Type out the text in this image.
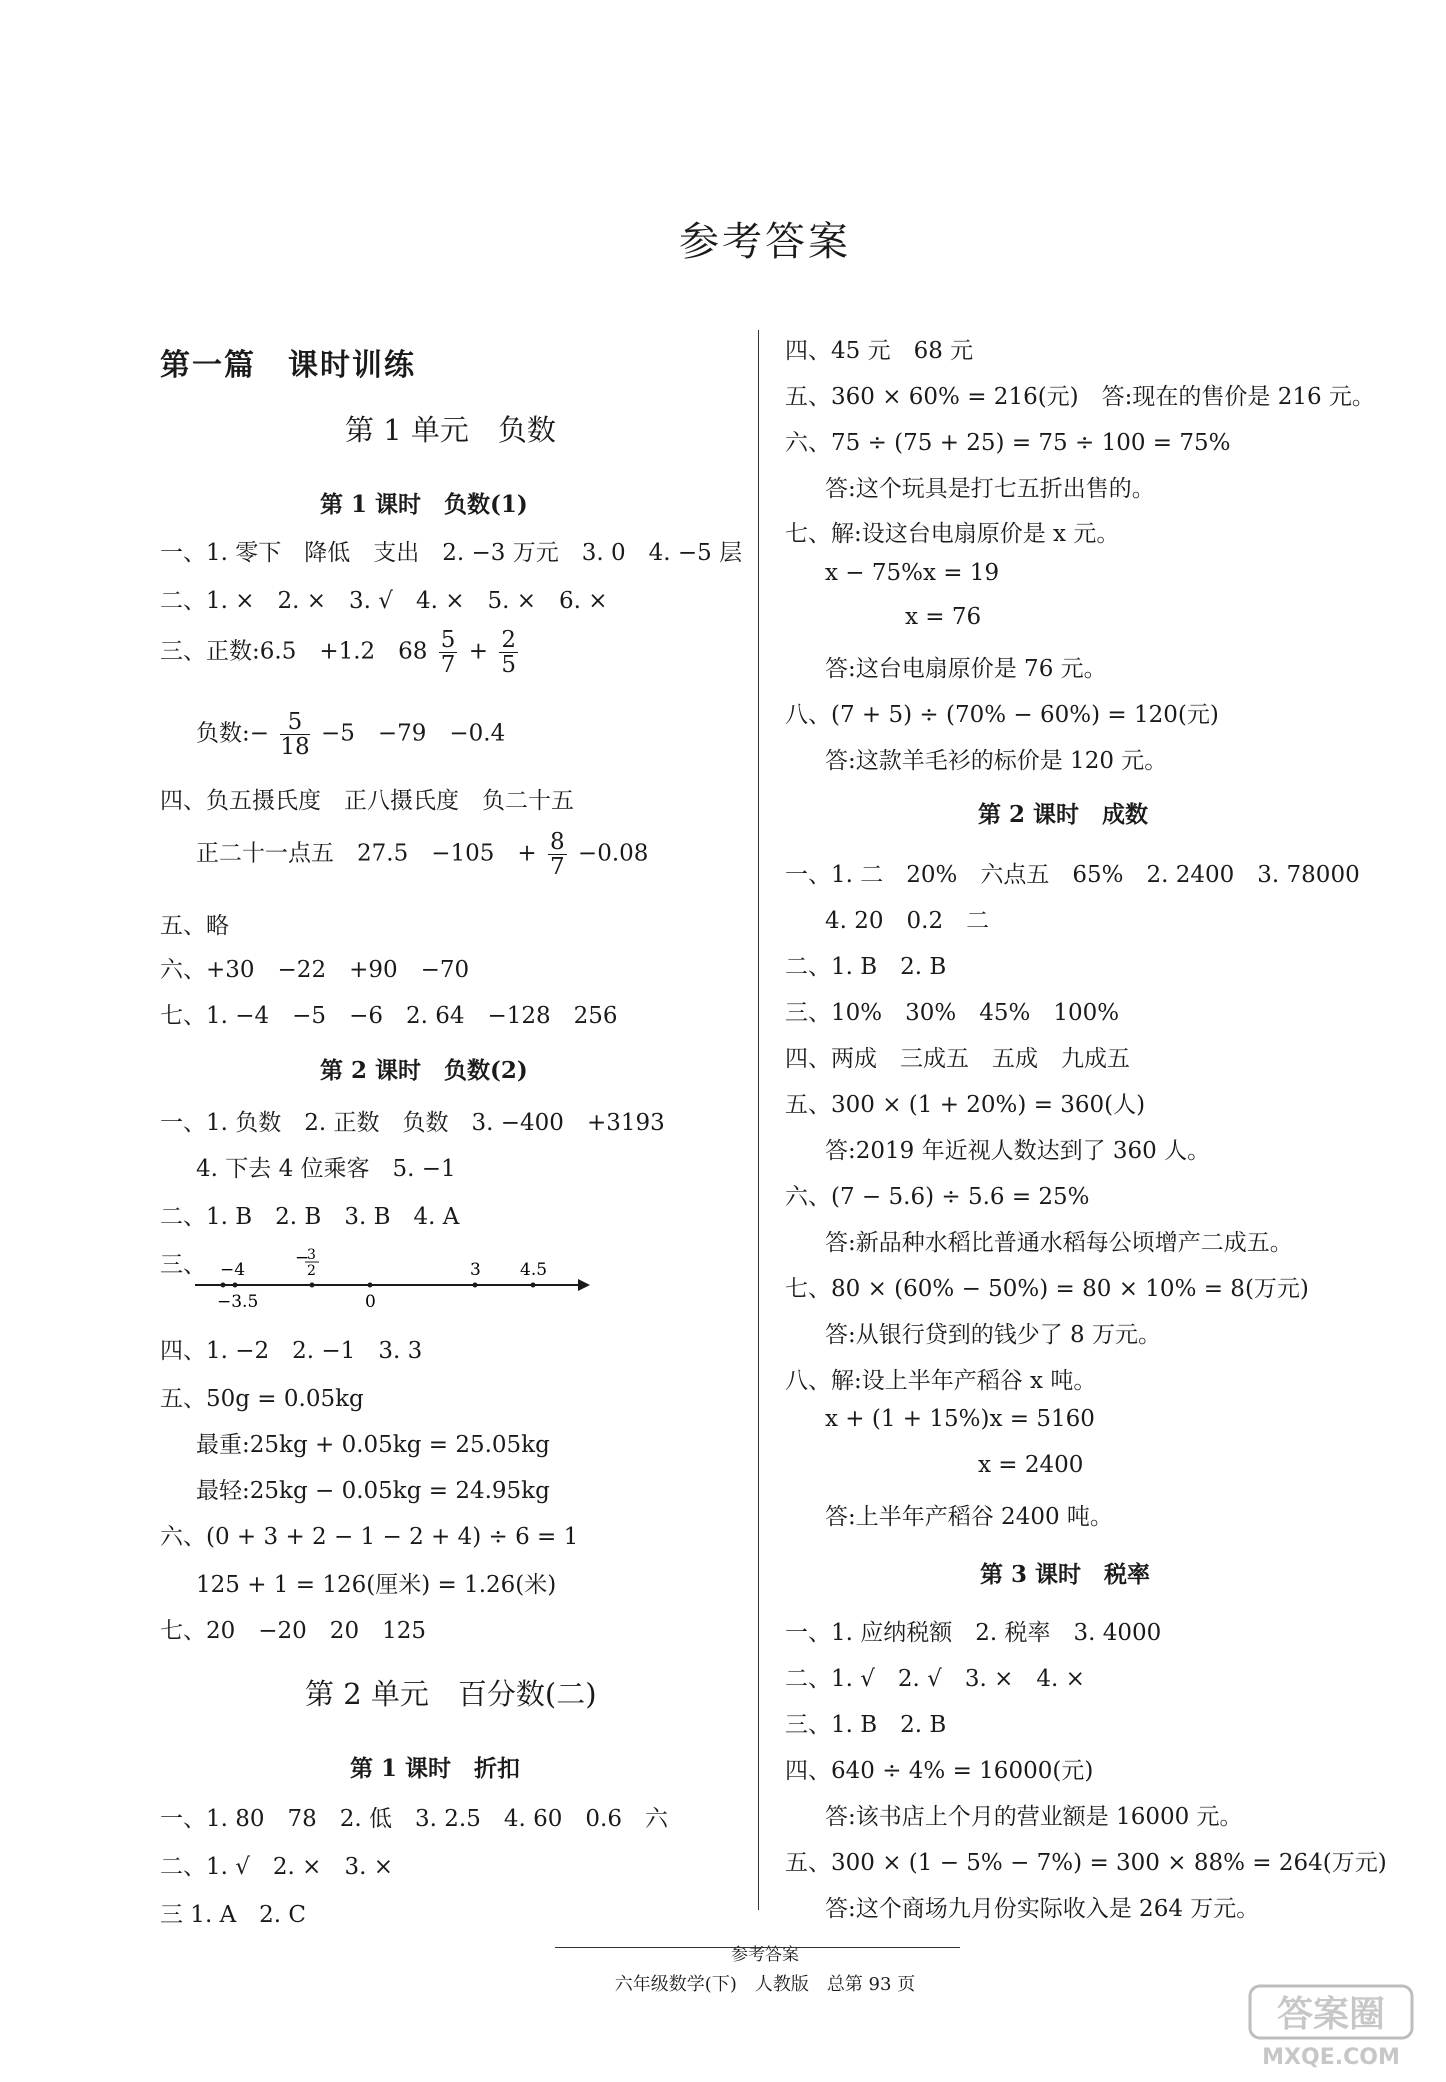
参考答案
第一篇　课时训练
第 1 单元　负数
第 1 课时　负数(1)
一、1. 零下　降低　支出　2. −3 万元　3. 0　4. −5 层
二、1. ×　2. ×　3. √　4. ×　5. ×　6. ×
三、正数:6.5　+1.2　$68 \frac{5}{7} + \frac{2}{5}$
负数:− $\frac{5}{18} -5$　−79　−0.4
四、负五摄氏度　正八摄氏度　负二十五
正二十一点五　27.5　−105　+ $\frac{8}{7} -0.08$
五、略
六、+30　−22　+90　−70
七、1. −4　−5　−6　2. 64　−128　256
第 2 课时　负数(2)
一、1. 负数　2. 正数　负数　3. −400　+3193
4. 下去 4 位乘客　5. −1
二、1. B　2. B　3. B　4. A
三、 −4
−
3
2	3 4.5
−3.5	0
四、1. −2　2. −1　3. 3
五、50g = 0.05kg
最重:25kg + 0.05kg = 25.05kg
最轻:25kg − 0.05kg = 24.95kg
六、(0 + 3 + 2 − 1 − 2 + 4) ÷ 6 = 1
125 + 1 = 126(厘米) = 1.26(米)
七、20　−20　20　125
第 2 单元　百分数(二)
第 1 课时　折扣
一、1. 80　78　2. 低　3. 2.5　4. 60　0.6　六
二、1. √　2. ×　3. ×
三 1. A　2. C
四、45 元　68 元
五、360 × 60% = 216(元)　答:现在的售价是 216 元。
六、75 ÷ (75 + 25) = 75 ÷ 100 = 75%
答:这个玩具是打七五折出售的。
七、解:设这台电扇原价是 x 元。
x − 75%x = 19
x = 76
答:这台电扇原价是 76 元。
八、(7 + 5) ÷ (70% − 60%) = 120(元)
答:这款羊毛衫的标价是 120 元。
第 2 课时　成数
一、1. 二　20%　六点五　65%　2. 2400　3. 78000
4. 20　0.2　二
二、1. B　2. B
三、10%　30%　45%　100%
四、两成　三成五　五成　九成五
五、300 × (1 + 20%) = 360(人)
答:2019 年近视人数达到了 360 人。
六、(7 − 5.6) ÷ 5.6 = 25%
答:新品种水稻比普通水稻每公顷增产二成五。
七、80 × (60% − 50%) = 80 × 10% = 8(万元)
答:从银行贷到的钱少了 8 万元。
八、解:设上半年产稻谷 x 吨。
x + (1 + 15%)x = 5160
x = 2400
答:上半年产稻谷 2400 吨。
第 3 课时　税率
一、1. 应纳税额　2. 税率　3. 4000
二、1. √　2. √　3. ×　4. ×
三、1. B　2. B
四、640 ÷ 4% = 16000(元)
答:该书店上个月的营业额是 16000 元。
五、300 × (1 − 5% − 7%) = 300 × 88% = 264(万元)
答:这个商场九月份实际收入是 264 万元。
参考答案
六年级数学(下)　人教版　总第 93 页
答案圈
MXQE.COM
